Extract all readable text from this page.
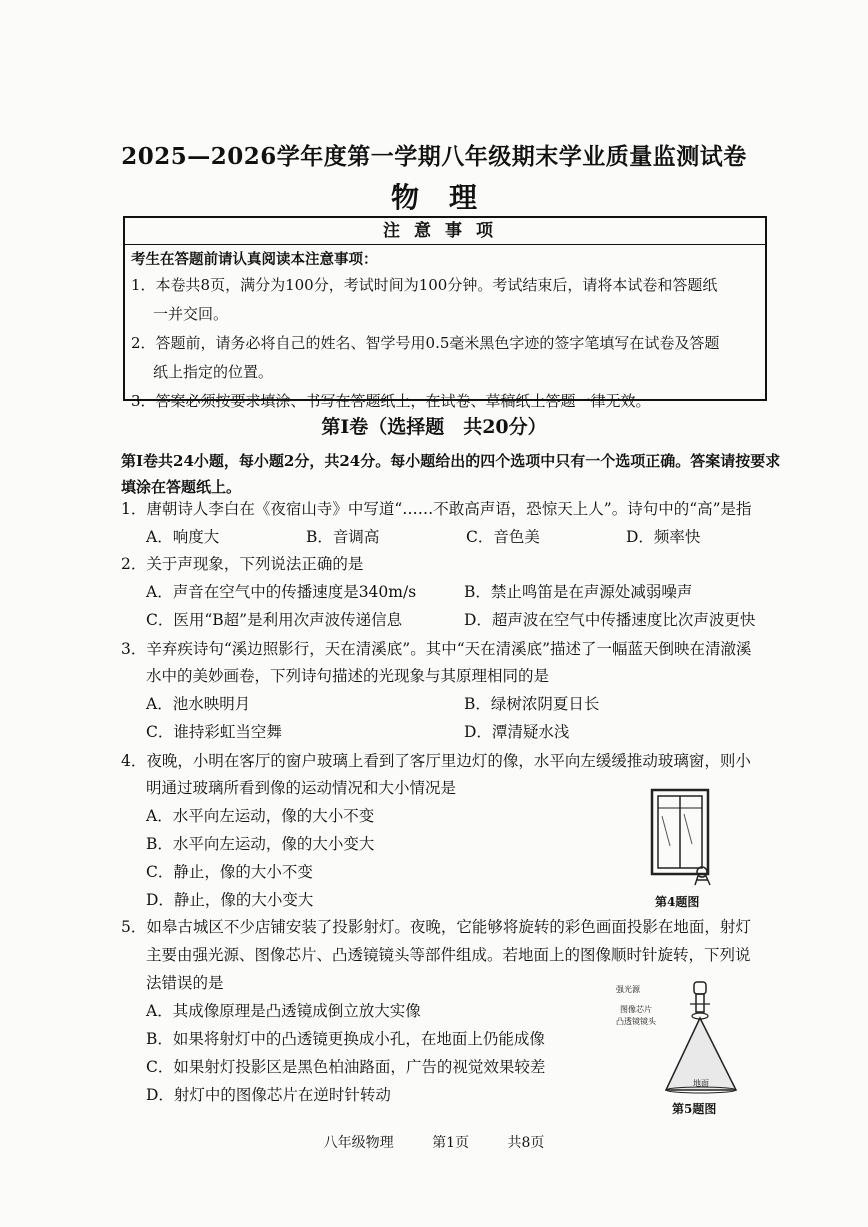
2025—2026学年度第一学期八年级期末学业质量监测试卷
物理
注意事项
考生在答题前请认真阅读本注意事项：
1．本卷共8页，满分为100分，考试时间为100分钟。考试结束后，请将本试卷和答题纸
一并交回。
2．答题前，请务必将自己的姓名、智学号用0.5毫米黑色字迹的签字笔填写在试卷及答题
纸上指定的位置。
3．答案必须按要求填涂、书写在答题纸上，在试卷、草稿纸上答题一律无效。
第Ⅰ卷（选择题　共20分）
第Ⅰ卷共24小题，每小题2分，共24分。每小题给出的四个选项中只有一个选项正确。答案请按要求填涂在答题纸上。
1．唐朝诗人李白在《夜宿山寺》中写道“……不敢高声语，恐惊天上人”。诗句中的“高”是指
A．响度大	B．音调高	C．音色美	D．频率快
2．关于声现象，下列说法正确的是
A．声音在空气中的传播速度是340m/s	B．禁止鸣笛是在声源处减弱噪声
C．医用“B超”是利用次声波传递信息	D．超声波在空气中传播速度比次声波更快
3．辛弃疾诗句“溪边照影行，天在清溪底”。其中“天在清溪底”描述了一幅蓝天倒映在清澈溪
水中的美妙画卷，下列诗句描述的光现象与其原理相同的是
A．池水映明月	B．绿树浓阴夏日长
C．谁持彩虹当空舞	D．潭清疑水浅
4．夜晚，小明在客厅的窗户玻璃上看到了客厅里边灯的像，水平向左缓缓推动玻璃窗，则小
明通过玻璃所看到像的运动情况和大小情况是
A．水平向左运动，像的大小不变
B．水平向左运动，像的大小变大
C．静止，像的大小不变
D．静止，像的大小变大	第4题图
5．如皋古城区不少店铺安装了投影射灯。夜晚，它能够将旋转的彩色画面投影在地面，射灯
主要由强光源、图像芯片、凸透镜镜头等部件组成。若地面上的图像顺时针旋转，下列说
法错误的是
A．其成像原理是凸透镜成倒立放大实像
B．如果将射灯中的凸透镜更换成小孔，在地面上仍能成像
C．如果射灯投影区是黑色柏油路面，广告的视觉效果较差
D．射灯中的图像芯片在逆时针转动
强光源
图像芯片
凸透镜镜头
地面
第5题图
八年级物理	第1页	共8页
